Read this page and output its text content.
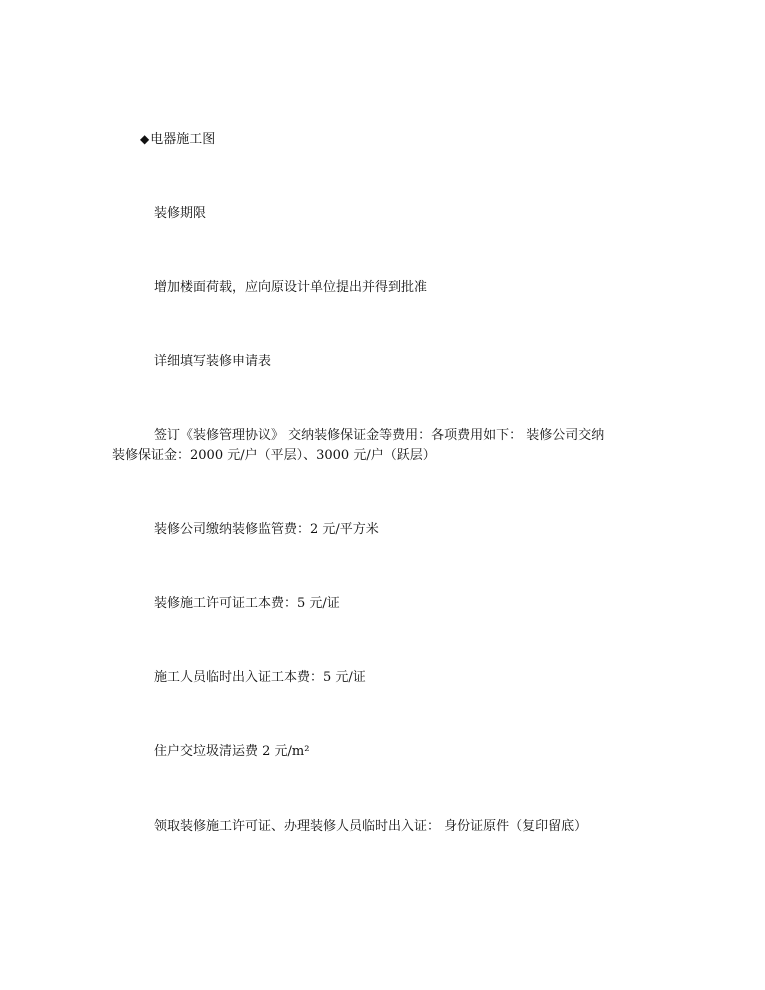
◆电器施工图

装修期限

增加楼面荷载，应向原设计单位提出并得到批准

详细填写装修申请表

签订《装修管理协议》 交纳装修保证金等费用：各项费用如下： 装修公司交纳
装修保证金：2000 元/户（平层）、3000 元/户（跃层）

装修公司缴纳装修监管费：2 元/平方米

装修施工许可证工本费：5 元/证

施工人员临时出入证工本费：5 元/证

住户交垃圾清运费 2 元/m²

领取装修施工许可证、办理装修人员临时出入证： 身份证原件（复印留底）
